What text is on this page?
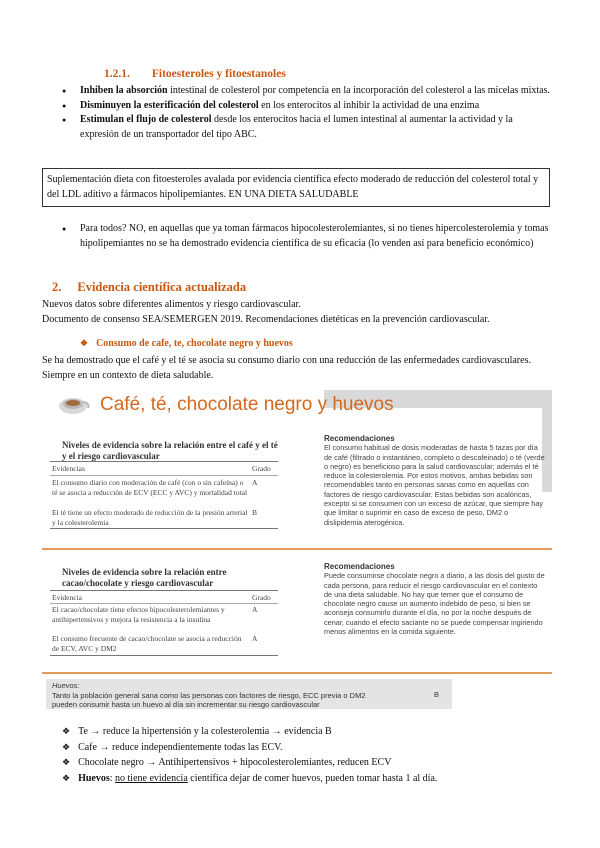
1.2.1. Fitoesteroles y fitoestanoles
● Inhiben la absorción intestinal de colesterol por competencia en la incorporación del colesterol a las micelas mixtas.
● Disminuyen la esterificación del colesterol en los enterocitos al inhibir la actividad de una enzima
● Estimulan el flujo de colesterol desde los enterocitos hacia el lumen intestinal al aumentar la actividad y la expresión de un transportador del tipo ABC.
Suplementación dieta con fitoesteroles avalada por evidencia científica efecto moderado de reducción del colesterol total y del LDL aditivo a fármacos hipolipemiantes. EN UNA DIETA SALUDABLE
● Para todos? NO, en aquellas que ya toman fármacos hipocolesterolemiantes, si no tienes hipercolesterolemia y tomas hipolipemiantes no se ha demostrado evidencia científica de su eficacia (lo venden así para beneficio económico)
2. Evidencia científica actualizada
Nuevos datos sobre diferentes alimentos y riesgo cardiovascular.
Documento de consenso SEA/SEMERGEN 2019. Recomendaciones dietéticas en la prevención cardiovascular.
❖ Consumo de cafe, te, chocolate negro y huevos
Se ha demostrado que el café y el té se asocia su consumo diario con una reducción de las enfermedades cardiovasculares. Siempre en un contexto de dieta saludable.
Café, té, chocolate negro y huevos
Niveles de evidencia sobre la relación entre el café y el té y el riesgo cardiovascular
Evidencias	Grado
El consumo diario con moderación de café (con o sin cafeína) o té se asocia a reducción de ECV (ECC y AVC) y mortalidad total
A
El té tiene un efecto moderado de reducción de la presión arterial y la colesterolemia
B
Recomendaciones
El consumo habitual de dosis moderadas de hasta 5 tazas por día de café (filtrado o instantáneo, completo o descafeinado) o té (verde o negro) es beneficioso para la salud cardiovascular; además el té reduce la colesterolemia. Por estos motivos, ambas bebidas son recomendables tanto en personas sanas como en aquellas con factores de riesgo cardiovascular. Estas bebidas son acalóricas, excepto si se consumen con un exceso de azúcar, que siempre hay que limitar o suprimir en caso de exceso de peso, DM2 o dislipidemia aterogénica.
Niveles de evidencia sobre la relación entre cacao/chocolate y riesgo cardiovascular
Evidencia	Grado
El cacao/chocolate tiene efectos hipocolesterolemiantes y antihipertensivos y mejora la resistencia a la insulina
A
El consumo frecuente de cacao/chocolate se asocia a reducción de ECV, AVC y DM2
A
Recomendaciones
Puede consumirse chocolate negro a diario, a las dosis del gusto de cada persona, para reducir el riesgo cardiovascular en el contexto de una dieta saludable. No hay que temer que el consumo de chocolate negro cause un aumento indebido de peso, si bien se aconseja consumirlo durante el día, no por la noche después de cenar, cuando el efecto saciante no se puede compensar ingiriendo menos alimentos en la comida siguiente.
Huevos:
Tanto la población general sana como las personas con factores de riesgo, ECC previa o DM2 pueden consumir hasta un huevo al día sin incrementar su riesgo cardiovascular
B
❖ Te → reduce la hipertensión y la colesterolemia → evidencia B
❖ Cafe → reduce independientemente todas las ECV.
❖ Chocolate negro → Antihipertensivos + hipocolesterolemiantes, reducen ECV
❖ Huevos: no tiene evidencia científica dejar de comer huevos, pueden tomar hasta 1 al día.
